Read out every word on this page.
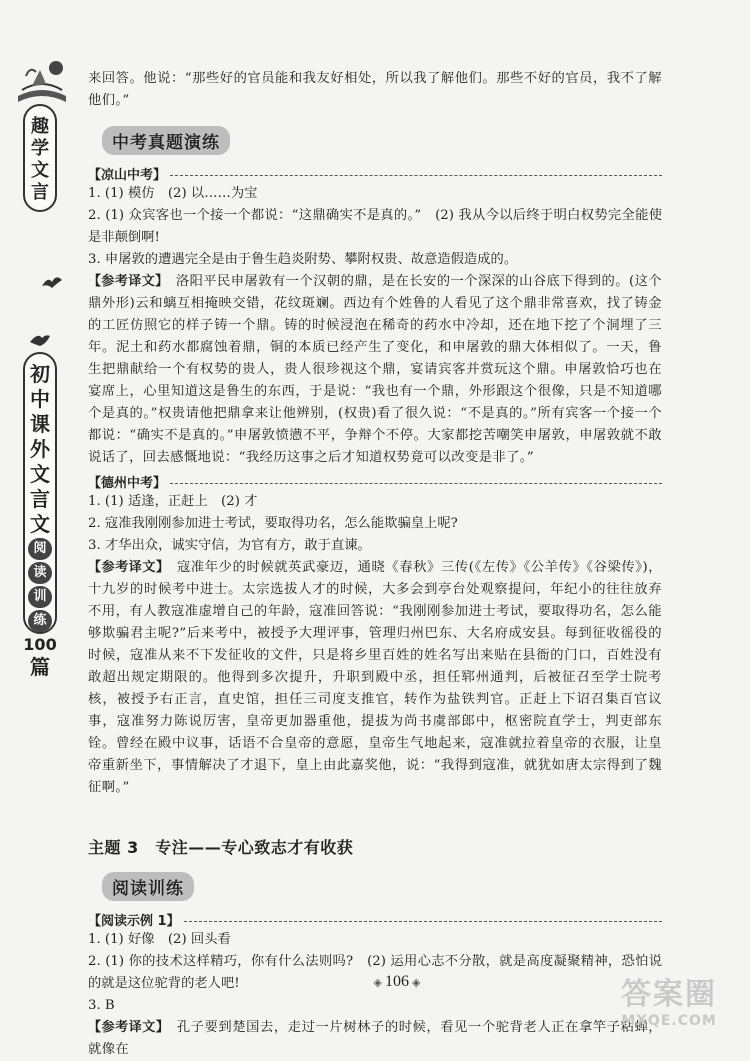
趣
学
文
言
初
中
课
外
文
言
文
阅
读
训
练
100
篇

来回答。他说：“那些好的官员能和我友好相处，所以我了解他们。那些不好的官员，我不了解他们。”

中考真题演练
【凉山中考】

1. (1) 模仿　(2) 以……为宝

2. (1) 众宾客也一个接一个都说：“这鼎确实不是真的。”　(2) 我从今以后终于明白权势完全能使是非颠倒啊!

3. 申屠敦的遭遇完全是由于鲁生趋炎附势、攀附权贵、故意造假造成的。

【参考译文】　 洛阳平民申屠敦有一个汉朝的鼎，是在长安的一个深深的山谷底下得到的。(这个鼎外形)云和螭互相掩映交错，花纹斑斓。西边有个姓鲁的人看见了这个鼎非常喜欢，找了铸金的工匠仿照它的样子铸一个鼎。铸的时候浸泡在稀奇的药水中冷却，还在地下挖了个洞埋了三年。泥土和药水都腐蚀着鼎，铜的本质已经产生了变化，和申屠敦的鼎大体相似了。一天，鲁生把鼎献给一个有权势的贵人，贵人很珍视这个鼎，宴请宾客并赏玩这个鼎。申屠敦恰巧也在宴席上，心里知道这是鲁生的东西，于是说：“我也有一个鼎，外形跟这个很像，只是不知道哪个是真的。”权贵请他把鼎拿来让他辨别，(权贵)看了很久说：“不是真的。”所有宾客一个接一个都说：“确实不是真的。”申屠敦愤懑不平，争辩个不停。大家都挖苦嘲笑申屠敦，申屠敦就不敢说话了，回去感慨地说：“我经历这事之后才知道权势竟可以改变是非了。”

【德州中考】

1. (1) 适逢，正赶上　(2) 才

2. 寇准我刚刚参加进士考试，要取得功名，怎么能欺骗皇上呢?

3. 才华出众，诚实守信，为官有方，敢于直谏。

【参考译文】　 寇准年少的时候就英武豪迈，通晓《春秋》三传(《左传》《公羊传》《谷梁传》)，十九岁的时候考中进士。太宗选拔人才的时候，大多会到亭台处观察提问，年纪小的往往放弃不用，有人教寇准虚增自己的年龄，寇准回答说：“我刚刚参加进士考试，要取得功名，怎么能够欺骗君主呢?”后来考中，被授予大理评事，管理归州巴东、大名府成安县。每到征收徭役的时候，寇准从来不下发征收的文件，只是将乡里百姓的姓名写出来贴在县衙的门口，百姓没有敢超出规定期限的。他得到多次提升，升职到殿中丞，担任郓州通判，后被征召至学士院考核，被授予右正言，直史馆，担任三司度支推官，转作为盐铁判官。正赶上下诏召集百官议事，寇准努力陈说厉害，皇帝更加器重他，提拔为尚书虞部郎中，枢密院直学士，判吏部东铨。曾经在殿中议事，话语不合皇帝的意愿，皇帝生气地起来，寇准就拉着皇帝的衣服，让皇帝重新坐下，事情解决了才退下，皇上由此嘉奖他，说：“我得到寇准，就犹如唐太宗得到了魏征啊。”

主题 3　专注——专心致志才有收获
阅读训练
【阅读示例 1】

1. (1) 好像　(2) 回头看

2. (1) 你的技术这样精巧，你有什么法则吗?　(2) 运用心志不分散，就是高度凝聚精神，恐怕说的就是这位驼背的老人吧!

3. B

【参考译文】　 孔子要到楚国去，走过一片树林子的时候，看见一个驼背老人正在拿竿子粘蝉，就像在

◈ 106 ◈	答案圈
MXQE.COM
